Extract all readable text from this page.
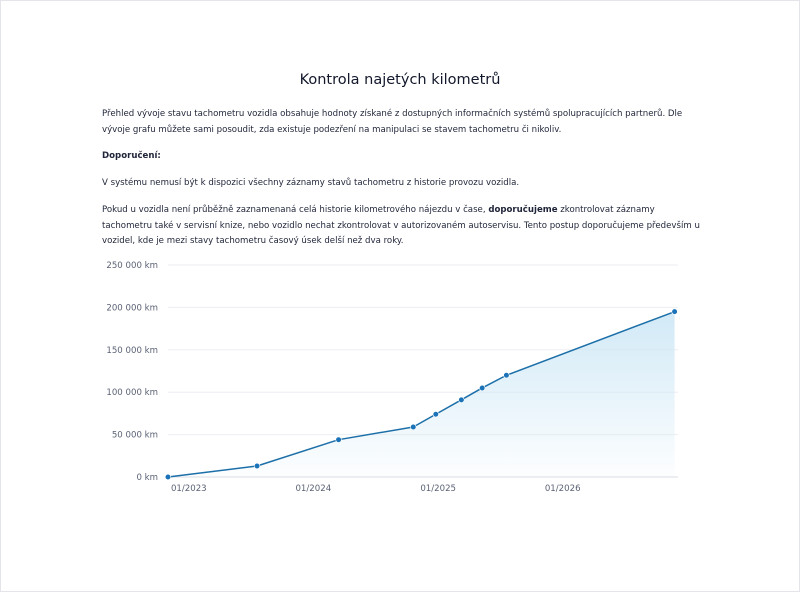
Kontrola najetých kilometrů

Přehled vývoje stavu tachometru vozidla obsahuje hodnoty získané z dostupných informačních systémů spolupracujících partnerů. Dle vývoje grafu můžete sami posoudit, zda existuje podezření na manipulaci se stavem tachometru či nikoliv.

Doporučení:

V systému nemusí být k dispozici všechny záznamy stavů tachometru z historie provozu vozidla.

Pokud u vozidla není průběžně zaznamenaná celá historie kilometrového nájezdu v čase, doporučujeme zkontrolovat záznamy tachometru také v servisní knize, nebo vozidlo nechat zkontrolovat v autorizovaném autoservisu. Tento postup doporučujeme především u vozidel, kde je mezi stavy tachometru časový úsek delší než dva roky.

0 km
50 000 km
100 000 km
150 000 km
200 000 km
250 000 km
01/2023	01/2024	01/2025	01/2026
